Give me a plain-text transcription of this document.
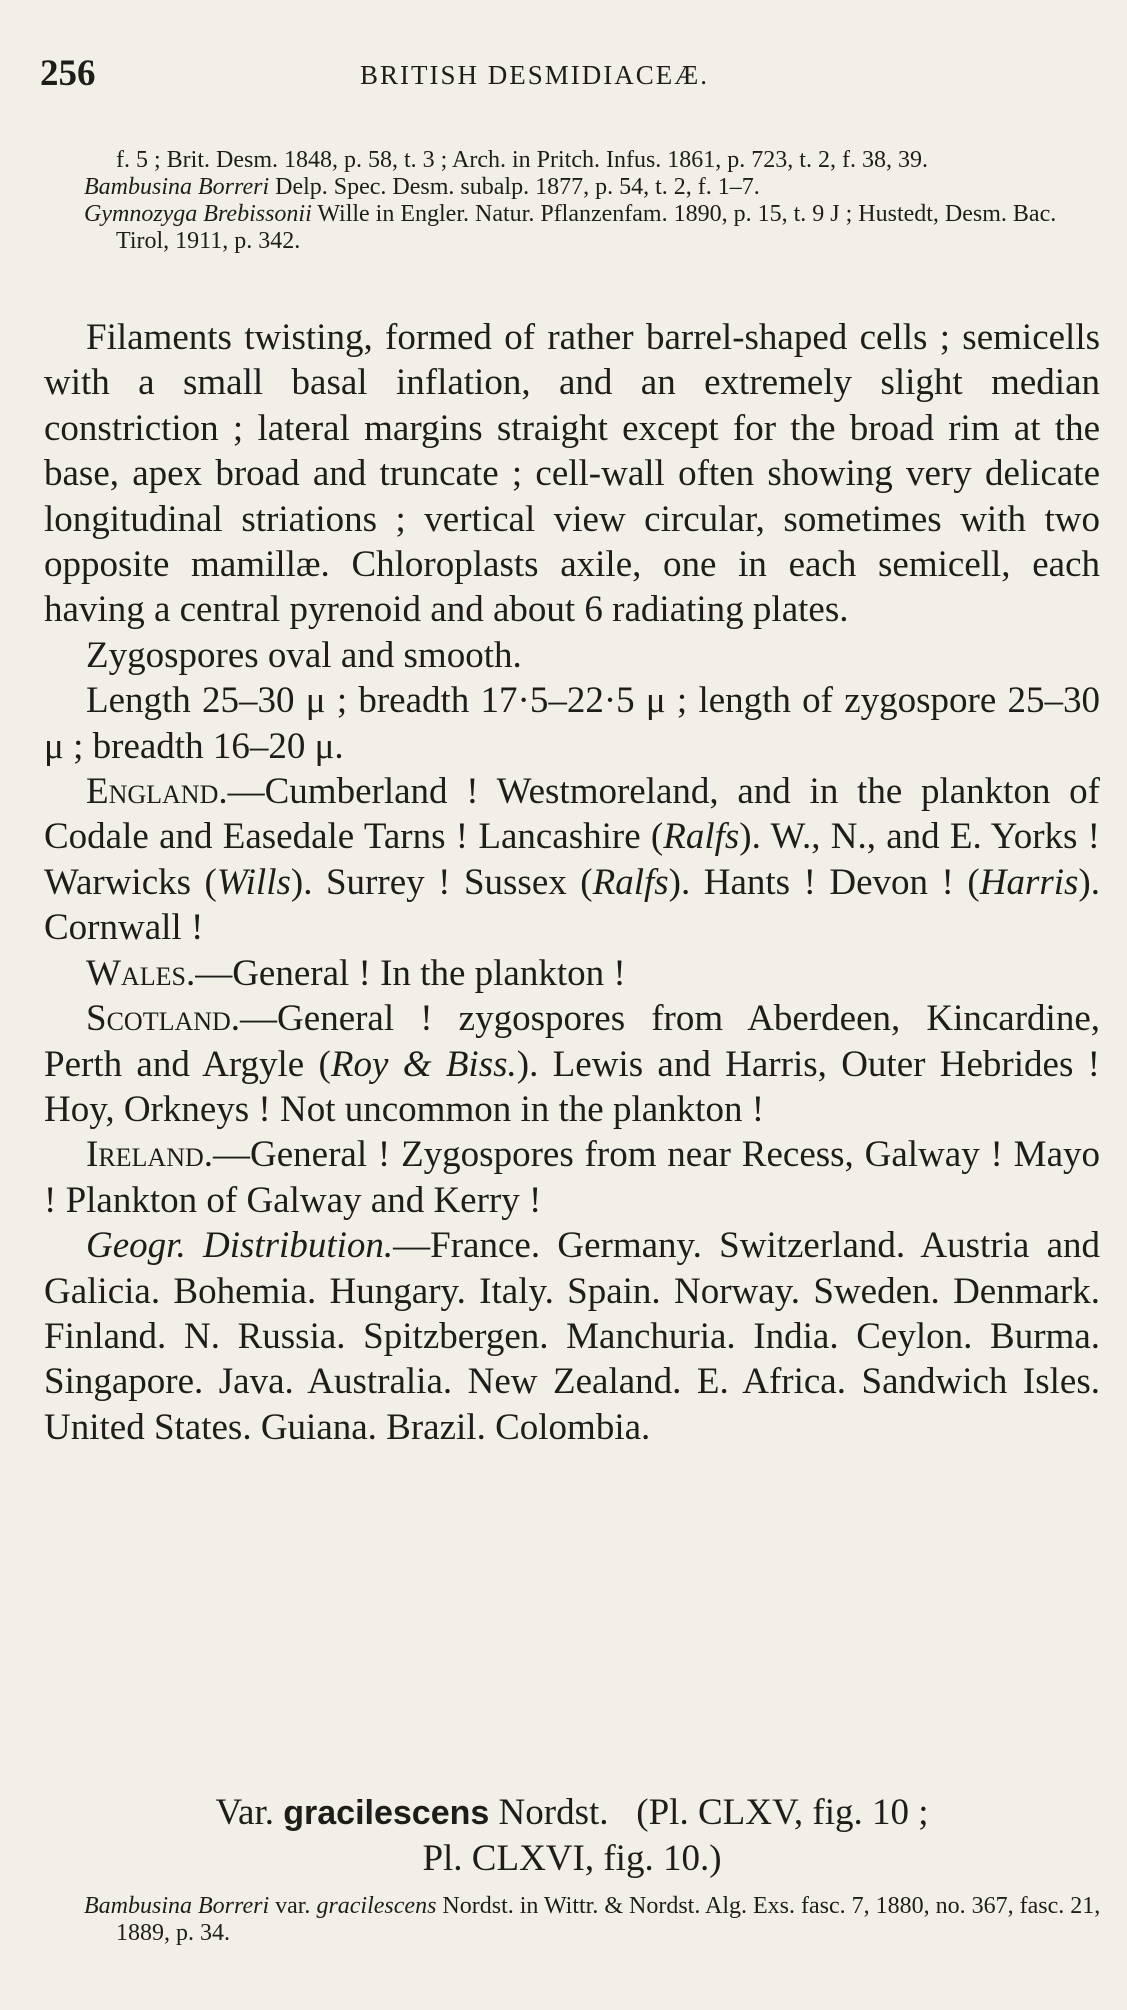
256	BRITISH DESMIDIACEÆ.

f. 5 ; Brit. Desm. 1848, p. 58, t. 3 ; Arch. in Pritch. Infus. 1861, p. 723, t. 2, f. 38, 39.

Bambusina Borreri Delp. Spec. Desm. subalp. 1877, p. 54, t. 2, f. 1–7.

Gymnozyga Brebissonii Wille in Engler. Natur. Pflanzenfam. 1890, p. 15, t. 9 J ; Hustedt, Desm. Bac. Tirol, 1911, p. 342.

Filaments twisting, formed of rather barrel-shaped cells ; semicells with a small basal inflation, and an extremely slight median constriction ; lateral margins straight except for the broad rim at the base, apex broad and truncate ; cell-wall often showing very delicate longitudinal striations ; vertical view circular, sometimes with two opposite mamillæ. Chloroplasts axile, one in each semicell, each having a central pyrenoid and about 6 radiating plates.

Zygospores oval and smooth.

Length 25–30 μ ; breadth 17·5–22·5 μ ; length of zygospore 25–30 μ ; breadth 16–20 μ.

England.—Cumberland ! Westmoreland, and in the plankton of Codale and Easedale Tarns ! Lancashire (Ralfs). W., N., and E. Yorks ! Warwicks (Wills). Surrey ! Sussex (Ralfs). Hants ! Devon ! (Harris). Cornwall !

Wales.—General ! In the plankton !

Scotland.—General ! zygospores from Aberdeen, Kincardine, Perth and Argyle (Roy & Biss.). Lewis and Harris, Outer Hebrides ! Hoy, Orkneys ! Not uncommon in the plankton !

Ireland.—General ! Zygospores from near Recess, Galway ! Mayo ! Plankton of Galway and Kerry !

Geogr. Distribution.—France. Germany. Switzerland. Austria and Galicia. Bohemia. Hungary. Italy. Spain. Norway. Sweden. Denmark. Finland. N. Russia. Spitzbergen. Manchuria. India. Ceylon. Burma. Singapore. Java. Australia. New Zealand. E. Africa. Sandwich Isles. United States. Guiana. Brazil. Colombia.

Var. gracilescens Nordst. (Pl. CLXV, fig. 10 ;
Pl. CLXVI, fig. 10.)

Bambusina Borreri var. gracilescens Nordst. in Wittr. & Nordst. Alg. Exs. fasc. 7, 1880, no. 367, fasc. 21, 1889, p. 34.
